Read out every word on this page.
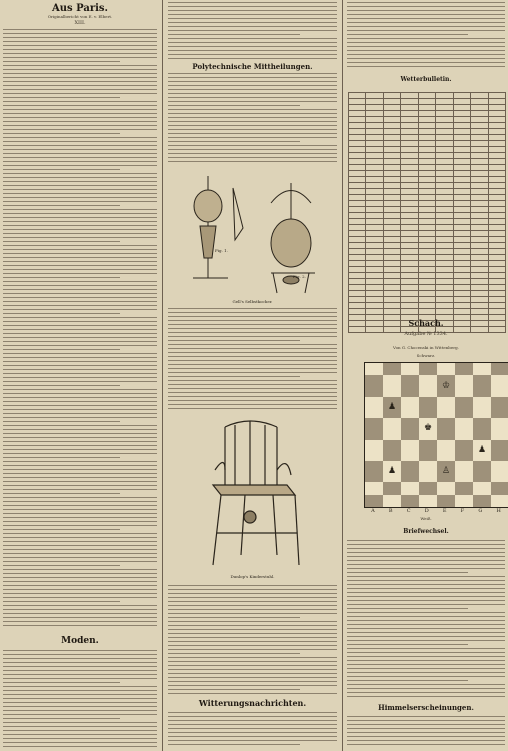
Aus Paris.
Originalbericht von E. v. Elbert.
XIII.
Moden.
Polytechnische Mittheilungen.
Fig. 1.
Fig. 2.
Gell's Selbstkocher.
Dunlop's Kinderstuhl.
Witterungsnachrichten.
Wetterbulletin.

Schach.
Aufgabe № 1334.
Von G. Chocenski in Wittenberg.
Schwarz.
♔
♟
♚
♟
♟	♙
A	B	C	D	E	F	G	H
Weiß.
Briefwechsel.
Himmelserscheinungen.
